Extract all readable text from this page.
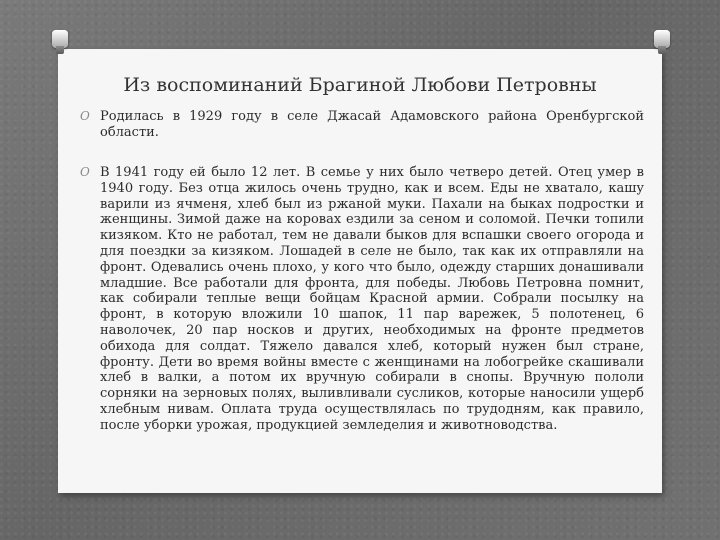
Из воспоминаний Брагиной Любови Петровны
O Родилась в 1929 году в селе Джасай Адамовского района Оренбургской области.
O В 1941 году ей было 12 лет. В семье у них было четверо детей. Отец умер в 1940 году. Без отца жилось очень трудно, как и всем. Еды не хватало, кашу варили из ячменя, хлеб был из ржаной муки. Пахали на быках подростки и женщины. Зимой даже на коровах ездили за сеном и соломой. Печки топили кизяком. Кто не работал, тем не давали быков для вспашки своего огорода и для поездки за кизяком. Лошадей в селе не было, так как их отправляли на фронт. Одевались очень плохо, у кого что было, одежду старших донашивали младшие. Все работали для фронта, для победы. Любовь Петровна помнит, как собирали теплые вещи бойцам Красной армии. Собрали посылку на фронт, в которую вложили 10 шапок, 11 пар варежек, 5 полотенец, 6 наволочек, 20 пар носков и других, необходимых на фронте предметов обихода для солдат. Тяжело давался хлеб, который нужен был стране, фронту. Дети во время войны вместе с женщинами на лобогрейке скашивали хлеб в валки, а потом их вручную собирали в снопы. Вручную пололи сорняки на зерновых полях, выливливали сусликов, которые наносили ущерб хлебным нивам. Оплата труда осуществлялась по трудодням, как правило, после уборки урожая, продукцией земледелия и животноводства.
